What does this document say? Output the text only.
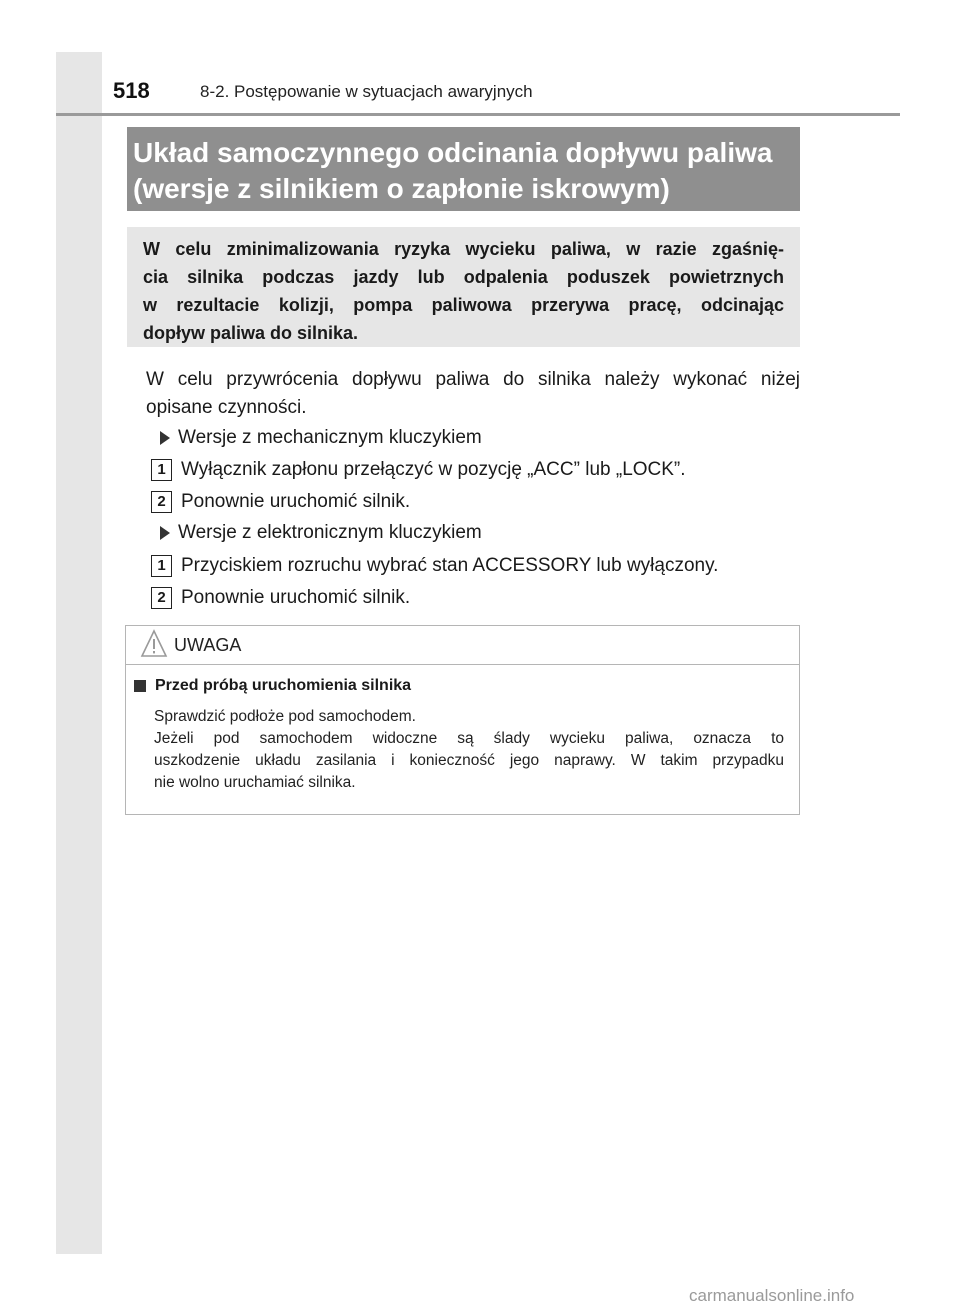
518	8-2. Postępowanie w sytuacjach awaryjnych
Układ samoczynnego odcinania dopływu paliwa
(wersje z silnikiem o zapłonie iskrowym)
W celu zminimalizowania ryzyka wycieku paliwa, w razie zgaśnię-
cia silnika podczas jazdy lub odpalenia poduszek powietrznych
w rezultacie kolizji, pompa paliwowa przerywa pracę, odcinając
dopływ paliwa do silnika.
W celu przywrócenia dopływu paliwa do silnika należy wykonać niżej
opisane czynności.
Wersje z mechanicznym kluczykiem
1 Wyłącznik zapłonu przełączyć w pozycję „ACC” lub „LOCK”.
2 Ponownie uruchomić silnik.
Wersje z elektronicznym kluczykiem
1 Przyciskiem rozruchu wybrać stan ACCESSORY lub wyłączony.
2 Ponownie uruchomić silnik.
UWAGA
Przed próbą uruchomienia silnika
Sprawdzić podłoże pod samochodem.
Jeżeli pod samochodem widoczne są ślady wycieku paliwa, oznacza to
uszkodzenie układu zasilania i konieczność jego naprawy. W takim przypadku
nie wolno uruchamiać silnika.
carmanualsonline.info
